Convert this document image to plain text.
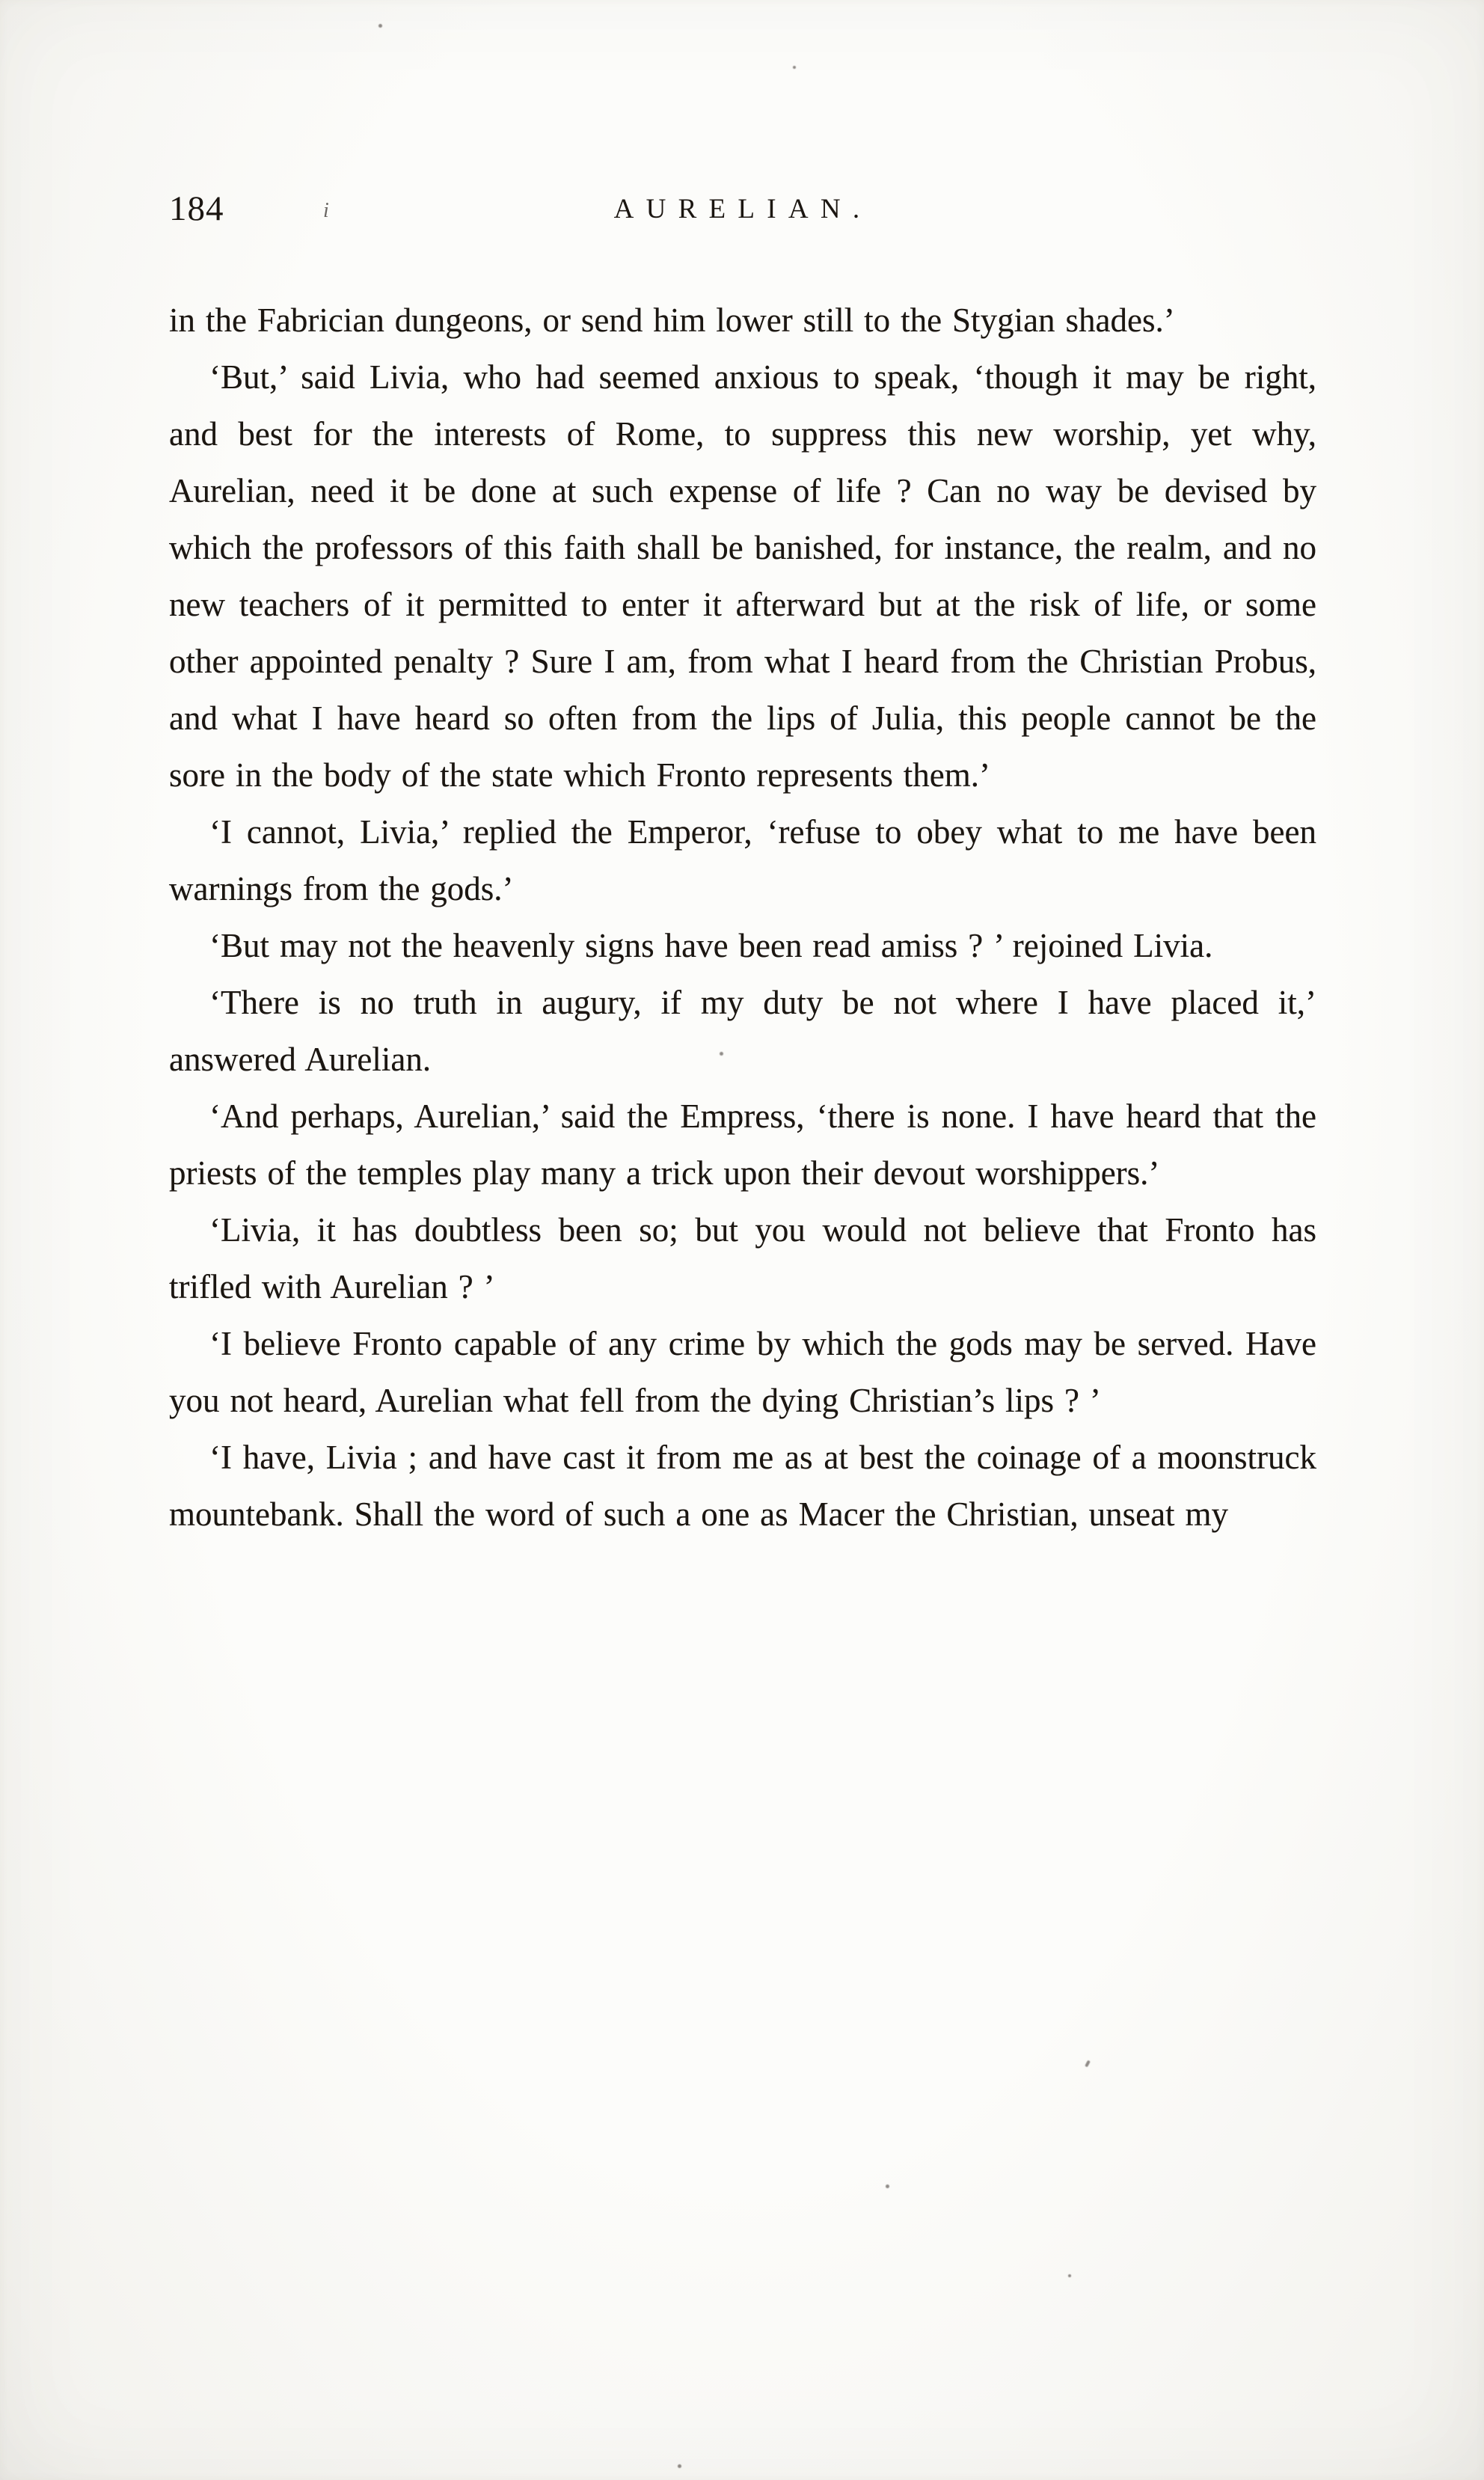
184	i	AURELIAN.

in the Fabrician dungeons, or send him lower still to the Stygian shades.’

‘But,’ said Livia, who had seemed anxious to speak, ‘though it may be right, and best for the interests of Rome, to suppress this new worship, yet why, Aurelian, need it be done at such expense of life ? Can no way be devised by which the professors of this faith shall be banished, for instance, the realm, and no new teachers of it permitted to enter it afterward but at the risk of life, or some other appointed penalty ? Sure I am, from what I heard from the Christian Probus, and what I have heard so often from the lips of Julia, this people cannot be the sore in the body of the state which Fronto represents them.’

‘I cannot, Livia,’ replied the Emperor, ‘refuse to obey what to me have been warnings from the gods.’

‘But may not the heavenly signs have been read amiss ? ’ rejoined Livia.

‘There is no truth in augury, if my duty be not where I have placed it,’ answered Aurelian.

‘And perhaps, Aurelian,’ said the Empress, ‘there is none. I have heard that the priests of the temples play many a trick upon their devout worshippers.’

‘Livia, it has doubtless been so; but you would not believe that Fronto has trifled with Aurelian ? ’

‘I believe Fronto capable of any crime by which the gods may be served. Have you not heard, Aurelian what fell from the dying Christian’s lips ? ’

‘I have, Livia ; and have cast it from me as at best the coinage of a moonstruck mountebank. Shall the word of such a one as Macer the Christian, unseat my
